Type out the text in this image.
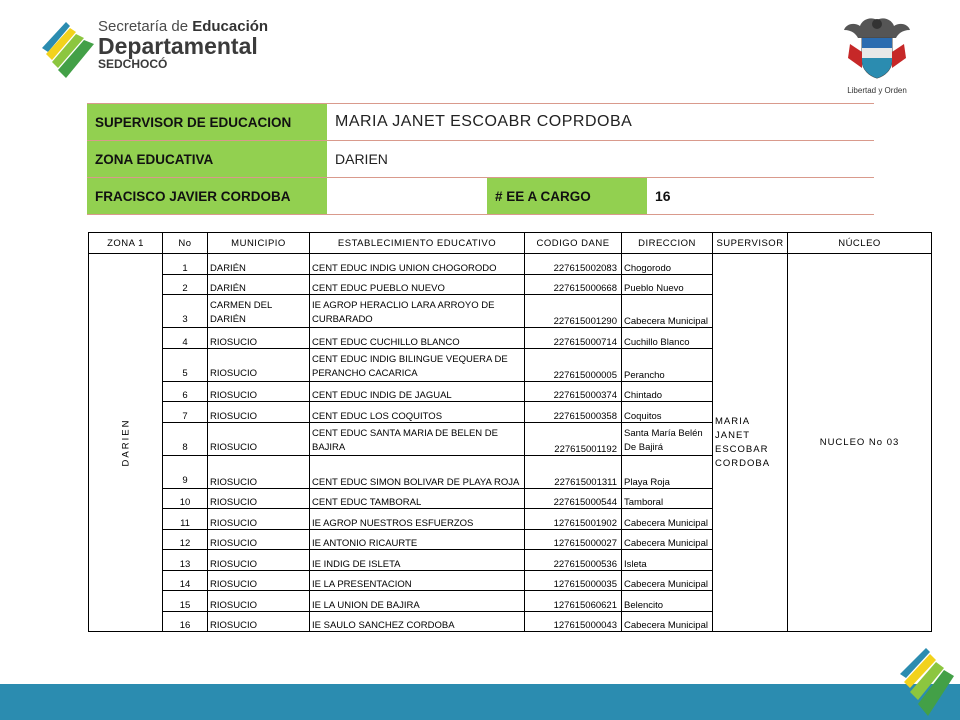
Secretaría de Educación
Departamental
SEDCHOCÓ
Libertad y Orden
SUPERVISOR DE EDUCACION	MARIA JANET ESCOABR COPRDOBA		
ZONA EDUCATIVA	DARIEN		
FRACISCO JAVIER CORDOBA		# EE A CARGO	16
ZONA 1	No	MUNICIPIO	ESTABLECIMIENTO EDUCATIVO	CODIGO DANE	DIRECCION	SUPERVISOR	NÚCLEO
DARIEN	1	DARIÉN	CENT EDUC INDIG UNION CHOGORODO	227615002083	Chogorodo	MARIA JANET ESCOBAR CORDOBA	NUCLEO No 03
	2	DARIÉN	CENT EDUC PUEBLO NUEVO	227615000668	Pueblo Nuevo		
	3	CARMEN DEL DARIÉN	IE AGROP HERACLIO LARA ARROYO DE CURBARADO	227615001290	Cabecera Municipal		
	4	RIOSUCIO	CENT EDUC CUCHILLO BLANCO	227615000714	Cuchillo Blanco		
	5	RIOSUCIO	CENT EDUC INDIG BILINGUE VEQUERA DE PERANCHO CACARICA	227615000005	Perancho		
	6	RIOSUCIO	CENT EDUC INDIG DE JAGUAL	227615000374	Chintado		
	7	RIOSUCIO	CENT EDUC LOS COQUITOS	227615000358	Coquitos		
	8	RIOSUCIO	CENT EDUC SANTA MARIA DE BELEN DE BAJIRA	227615001192	Santa María Belén De Bajirá		
	9	RIOSUCIO	CENT EDUC SIMON BOLIVAR DE PLAYA ROJA	227615001311	Playa Roja		
	10	RIOSUCIO	CENT EDUC TAMBORAL	227615000544	Tamboral		
	11	RIOSUCIO	IE AGROP NUESTROS ESFUERZOS	127615001902	Cabecera Municipal		
	12	RIOSUCIO	IE ANTONIO RICAURTE	127615000027	Cabecera Municipal		
	13	RIOSUCIO	IE INDIG DE ISLETA	227615000536	Isleta		
	14	RIOSUCIO	IE LA PRESENTACION	127615000035	Cabecera Municipal		
	15	RIOSUCIO	IE LA UNION DE BAJIRA	127615060621	Belencito		
	16	RIOSUCIO	IE SAULO SANCHEZ CORDOBA	127615000043	Cabecera Municipal		
